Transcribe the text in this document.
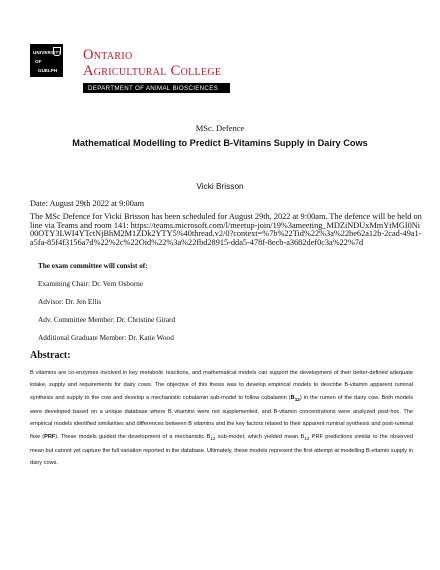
UNIVERSITY
OF
GUELPH
Ontario
Agricultural College
DEPARTMENT OF ANIMAL BIOSCIENCES
MSc. Defence
Mathematical Modelling to Predict B-Vitamins Supply in Dairy Cows
Vicki Brisson
Date: August 29th 2022 at 9:00am
The MSc Defence for Vicki Brisson has been scheduled for August 29th, 2022 at 9:00am. The defence will be held online via Teams and room 141: https://teams.microsoft.com/l/meetup-join/19%3ameeting_MDZiNDUxMmYtMGI0Ni00OTY3LWI4YTctNjBhM2M1ZDk2YTY5%40thread.v2/0?context=%7b%22Tid%22%3a%22be62a12b-2cad-49a1-a5fa-85f4f3156a7d%22%2c%22Oid%22%3a%22fbd28915-dda5-478f-8ecb-a3682def0c3a%22%7d
The exam committee will consist of:
Examining Chair: Dr. Vern Osborne
Advisor: Dr. Jen Ellis
Adv. Committee Member: Dr. Christine Girard
Additional Graduate Member: Dr. Katie Wood
Abstract:

B vitamins are co-enzymes involved in key metabolic reactions, and mathematical models can support the development of their better-defined adequate intake, supply and requirements for dairy cows. The objective of this thesis was to develop empirical models to describe B-vitamin apparent ruminal synthesis and supply to the cow and develop a mechanistic cobalamin sub-model to follow cobalamin $(B_{12})$ in the rumen of the dairy cow. Both models were developed based on a unique database where B vitamins were not supplemented, and B-vitamin concentrations were analyzed post-hoc. The empirical models identified similarities and differences between B vitamins and the key factors related to their apparent ruminal synthesis and post-ruminal flow (PRF). These models guided the development of a mechanistic $B_{12}$ sub-model, which yielded mean $B_{12}$ PRF predictions similar to the observed mean but cannot yet capture the full variation reported in the database. Ultimately, these models represent the first attempt at modelling B-vitamin supply in dairy cows.
